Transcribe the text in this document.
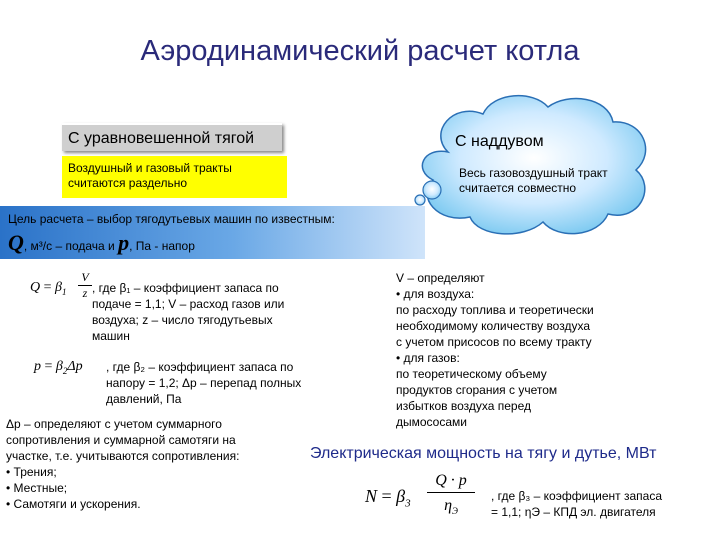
Аэродинамический расчет котла
С уравновешенной тягой
Воздушный и газовый тракты
считаются раздельно
С наддувом
Весь газовоздушный тракт
считается совместно
Цель расчета – выбор тягодутьевых машин по известным:
Q, м³/с – подача и p, Па - напор
$Q = \beta_1 \frac{V}{z}$ , где β₁ – коэффициент запаса по
подаче = 1,1; V – расход газов или
воздуха; z – число тягодутьевых
машин
$p = \beta_2\Delta p$ , где β₂ – коэффициент запаса по
напору = 1,2; Δp – перепад полных
давлений, Па
Δp – определяют с учетом суммарного
сопротивления и суммарной самотяги на
участке, т.е. учитываются сопротивления:
• Трения;
• Местные;
• Самотяги и ускорения.
V – определяют
• для воздуха:
по расходу топлива и теоретически
необходимому количеству воздуха
с учетом присосов по всему тракту
• для газов:
по теоретическому объему
продуктов сгорания с учетом
избытков воздуха перед
дымососами
Электрическая мощность на тягу и дутье, МВт
$N = \beta_3$
Q · p
$\eta_Э$
, где β₃ – коэффициент запаса
= 1,1; ηЭ – КПД эл. двигателя
